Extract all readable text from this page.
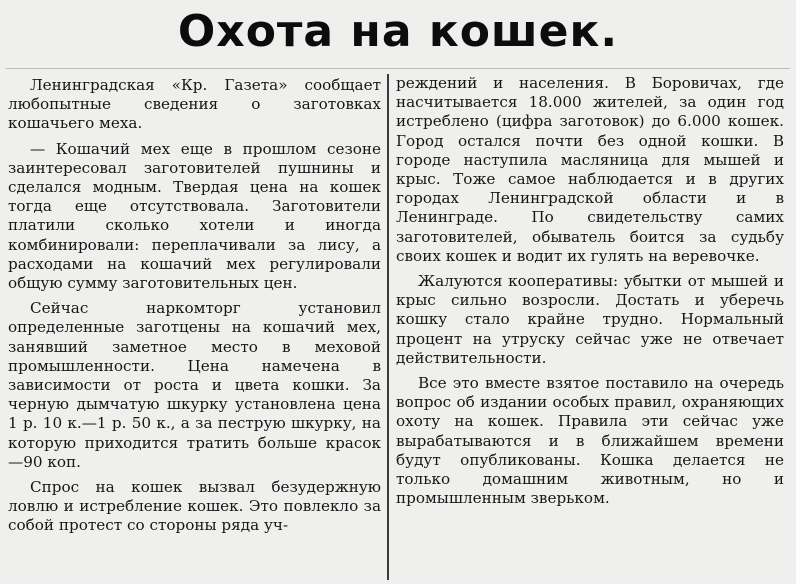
Охота на кошек.

Ленинградская «Кр. Газета» сообщает любопытные сведения о заготовках кошачьего меха.

— Кошачий мех еще в прошлом сезоне заинтересовал заготовителей пушнины и сделался модным. Твердая цена на кошек тогда еще отсутствовала. Заготовители платили сколько хотели и иногда комбинировали: переплачивали за лису, а расходами на кошачий мех регулировали общую сумму заготовительных цен.

Сейчас наркомторг установил определенные заготцены на кошачий мех, занявший заметное место в меховой промышленности. Цена намечена в зависимости от роста и цвета кошки. За черную дымчатую шкурку установлена цена 1 р. 10 к.—1 р. 50 к., а за пеструю шкурку, на которую приходится тратить больше красок—90 коп.

Спрос на кошек вызвал безудержную ловлю и истребление кошек. Это повлекло за собой протест со стороны ряда уч-

реждений и населения. В Боровичах, где насчитывается 18.000 жителей, за один год истреблено (цифра заготовок) до 6.000 кошек. Город остался почти без одной кошки. В городе наступила масляница для мышей и крыс. Тоже самое наблюдается и в других городах Ленинградской области и в Ленинграде. По свидетельству самих заготовителей, обыватель боится за судьбу своих кошек и водит их гулять на веревочке.

Жалуются кооперативы: убытки от мышей и крыс сильно возросли. Достать и уберечь кошку стало крайне трудно. Нормальный процент на утруску сейчас уже не отвечает действительности.

Все это вместе взятое поставило на очередь вопрос об издании особых правил, охраняющих охоту на кошек. Правила эти сейчас уже вырабатываются и в ближайшем времени будут опубликованы. Кошка делается не только домашним животным, но и промышленным зверьком.
